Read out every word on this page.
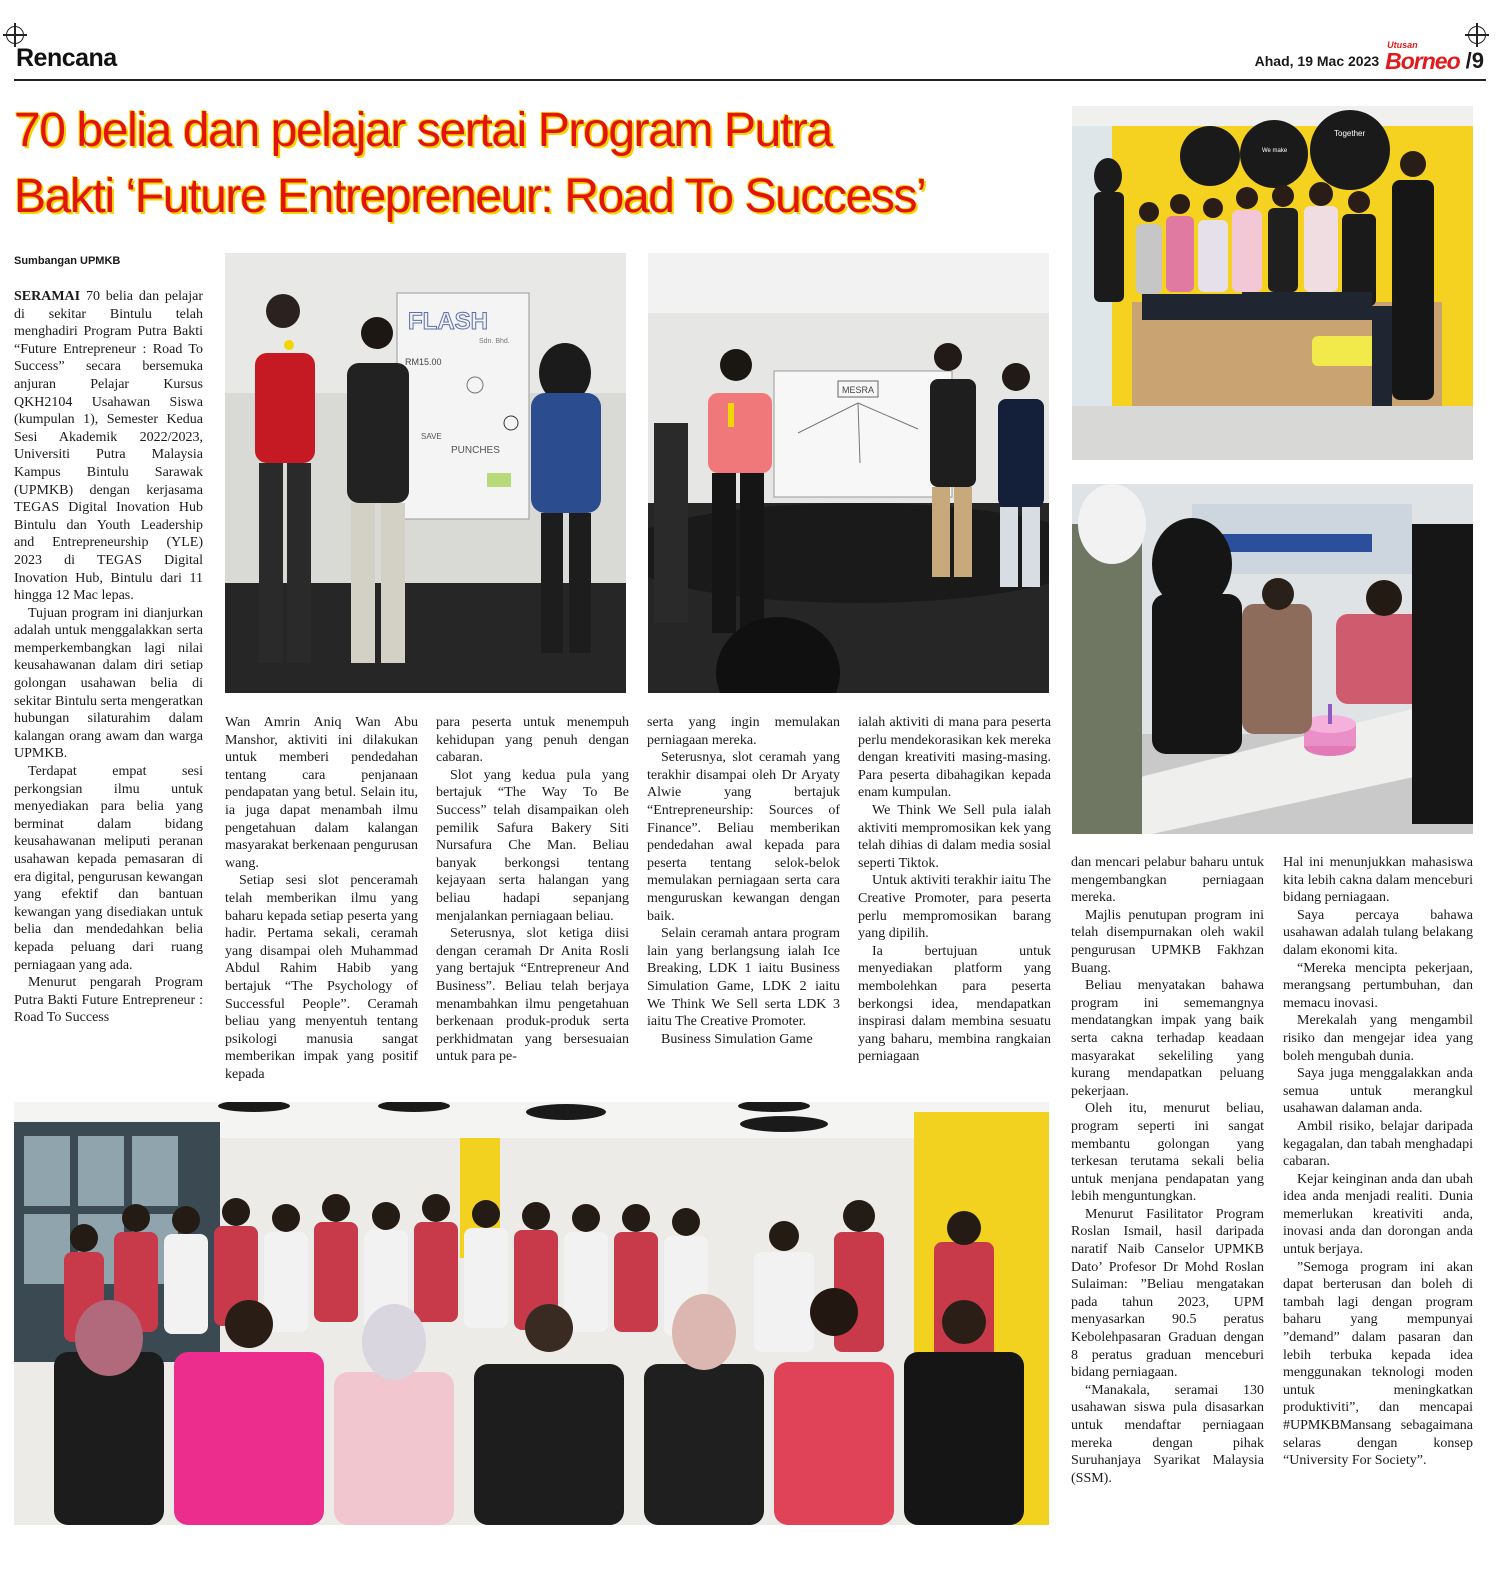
Rencana	Ahad, 19 Mac 2023
Utusan
Borneo /9
70 belia dan pelajar sertai Program Putra
Bakti ‘Future Entrepreneur: Road To Success’
Sumbangan UPMKB

SERAMAI 70 belia dan pelajar di sekitar Bintulu telah menghadiri Program Putra Bakti “Future Entrepreneur : Road To Success” secara bersemuka anjuran Pelajar Kursus QKH2104 Usahawan Siswa (kumpulan 1), Semester Kedua Sesi Akademik 2022/2023, Universiti Putra Malaysia Kampus Bintulu Sarawak (UPMKB) dengan kerjasama TEGAS Digital Inovation Hub Bintulu dan Youth Leadership and Entrepreneurship (YLE) 2023 di TEGAS Digital Inovation Hub, Bintulu dari 11 hingga 12 Mac lepas.

Tujuan program ini dianjurkan adalah untuk menggalakkan serta memperkembangkan lagi nilai keusahawanan dalam diri setiap golongan usahawan belia di sekitar Bintulu serta mengeratkan hubungan silaturahim dalam kalangan orang awam dan warga UPMKB.

Terdapat empat sesi perkongsian ilmu untuk menyediakan para belia yang berminat dalam bidang keusahawanan meliputi peranan usahawan kepada pemasaran di era digital, pengurusan kewangan yang efektif dan bantuan kewangan yang disediakan untuk belia dan mendedahkan belia kepada peluang dari ruang perniagaan yang ada.

Menurut pengarah Program Putra Bakti Future Entrepreneur : Road To Success

Wan Amrin Aniq Wan Abu Manshor, aktiviti ini dilakukan untuk memberi pendedahan tentang cara penjanaan pendapatan yang betul. Selain itu, ia juga dapat menambah ilmu pengetahuan dalam kalangan masyarakat berkenaan pengurusan wang.

Setiap sesi slot penceramah telah memberikan ilmu yang baharu kepada setiap peserta yang hadir. Pertama sekali, ceramah yang disampai oleh Muhammad Abdul Rahim Habib yang bertajuk “The Psychology of Successful People”. Ceramah beliau yang menyentuh tentang psikologi manusia sangat memberikan impak yang positif kepada

para peserta untuk menempuh kehidupan yang penuh dengan cabaran.

Slot yang kedua pula yang bertajuk “The Way To Be Success” telah disampaikan oleh pemilik Safura Bakery Siti Nursafura Che Man. Beliau banyak berkongsi tentang kejayaan serta halangan yang beliau hadapi sepanjang menjalankan perniagaan beliau.

Seterusnya, slot ketiga diisi dengan ceramah Dr Anita Rosli yang bertajuk “Entrepreneur And Business”. Beliau telah berjaya menambahkan ilmu pengetahuan berkenaan produk-produk serta perkhidmatan yang bersesuaian untuk para pe-

serta yang ingin memulakan perniagaan mereka.

Seterusnya, slot ceramah yang terakhir disampai oleh Dr Aryaty Alwie yang bertajuk “Entrepreneurship: Sources of Finance”. Beliau memberikan pendedahan awal kepada para peserta tentang selok-belok memulakan perniagaan serta cara menguruskan kewangan dengan baik.

Selain ceramah antara program lain yang berlangsung ialah Ice Breaking, LDK 1 iaitu Business Simulation Game, LDK 2 iaitu We Think We Sell serta LDK 3 iaitu The Creative Promoter.

Business Simulation Game

ialah aktiviti di mana para peserta perlu mendekorasikan kek mereka dengan kreativiti masing-masing. Para peserta dibahagikan kepada enam kumpulan.

We Think We Sell pula ialah aktiviti mempromosikan kek yang telah dihias di dalam media sosial seperti Tiktok.

Untuk aktiviti terakhir iaitu The Creative Promoter, para peserta perlu mempromosikan barang yang dipilih.

Ia bertujuan untuk menyediakan platform yang membolehkan para peserta berkongsi idea, mendapatkan inspirasi dalam membina sesuatu yang baharu, membina rangkaian perniagaan

dan mencari pelabur baharu untuk mengembangkan perniagaan mereka.

Majlis penutupan program ini telah disempurnakan oleh wakil pengurusan UPMKB Fakhzan Buang.

Beliau menyatakan bahawa program ini sememangnya mendatangkan impak yang baik serta cakna terhadap keadaan masyarakat sekeliling yang kurang mendapatkan peluang pekerjaan.

Oleh itu, menurut beliau, program seperti ini sangat membantu golongan yang terkesan terutama sekali belia untuk menjana pendapatan yang lebih menguntungkan.

Menurut Fasilitator Program Roslan Ismail, hasil daripada naratif Naib Canselor UPMKB Dato’ Profesor Dr Mohd Roslan Sulaiman: ”Beliau mengatakan pada tahun 2023, UPM menyasarkan 90.5 peratus Kebolehpasaran Graduan dengan 8 peratus graduan menceburi bidang perniagaan.

“Manakala, seramai 130 usahawan siswa pula disasarkan untuk mendaftar perniagaan mereka dengan pihak Suruhanjaya Syarikat Malaysia (SSM).

Hal ini menunjukkan mahasiswa kita lebih cakna dalam menceburi bidang perniagaan.

Saya percaya bahawa usahawan adalah tulang belakang dalam ekonomi kita.

“Mereka mencipta pekerjaan, merangsang pertumbuhan, dan memacu inovasi.

Merekalah yang mengambil risiko dan mengejar idea yang boleh mengubah dunia.

Saya juga menggalakkan anda semua untuk merangkul usahawan dalaman anda.

Ambil risiko, belajar daripada kegagalan, dan tabah menghadapi cabaran.

Kejar keinginan anda dan ubah idea anda menjadi realiti. Dunia memerlukan kreativiti anda, inovasi anda dan dorongan anda untuk berjaya.

”Semoga program ini akan dapat berterusan dan boleh di tambah lagi dengan program baharu yang mempunyai ”demand” dalam pasaran dan lebih terbuka kepada idea menggunakan teknologi moden untuk meningkatkan produktiviti”, dan mencapai #UPMKBMansang sebagaimana selaras dengan konsep “University For Society”.

FLASH
Sdn. Bhd.
RM15.00
SAVE
PUNCHES
MESRA
Together
We make
